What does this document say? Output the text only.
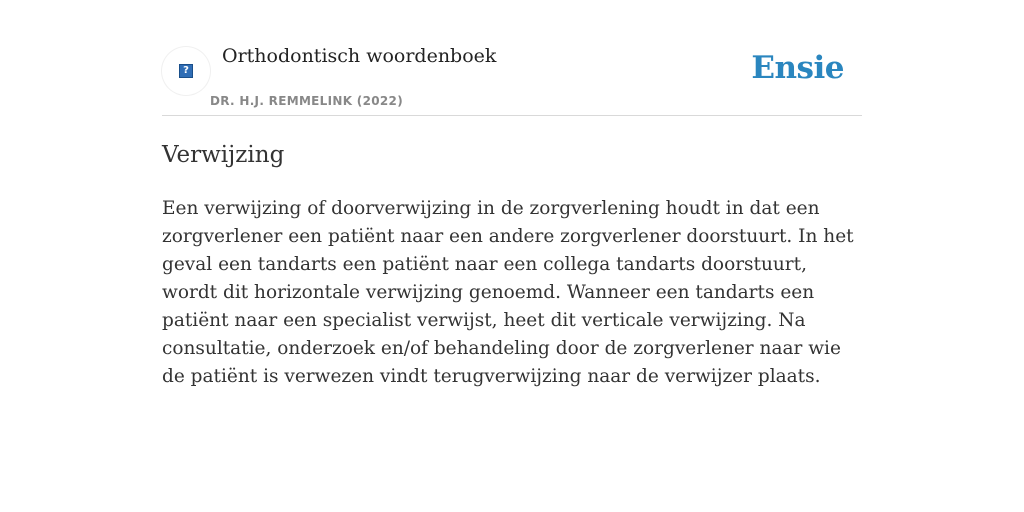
?
Orthodontisch woordenboek
DR. H.J. REMMELINK (2022)
Ensie
Verwijzing

Een verwijzing of doorverwijzing in de zorgverlening houdt in dat een zorgverlener een patiënt naar een andere zorgverlener doorstuurt. In het geval een tandarts een patiënt naar een collega tandarts doorstuurt, wordt dit horizontale verwijzing genoemd. Wanneer een tandarts een patiënt naar een specialist verwijst, heet dit verticale verwijzing. Na consultatie, onderzoek en/of behandeling door de zorgverlener naar wie de patiënt is verwezen vindt terugverwijzing naar de verwijzer plaats.
